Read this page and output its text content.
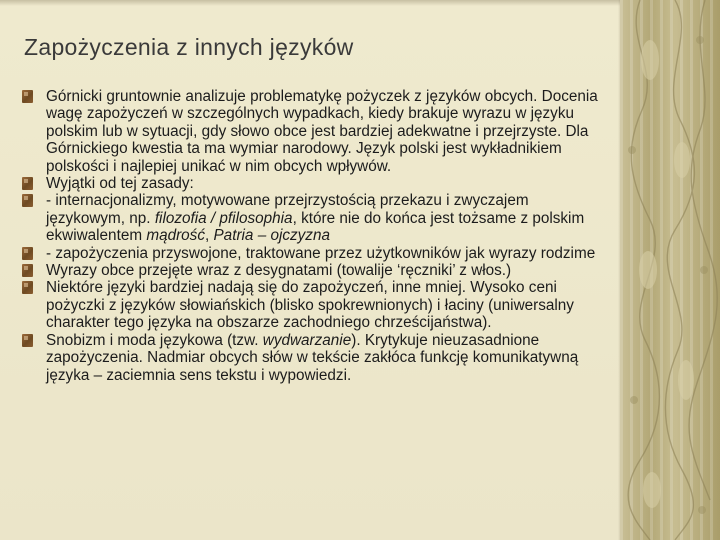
Zapożyczenia z innych języków
Górnicki gruntownie analizuje problematykę pożyczek z języków obcych. Docenia wagę zapożyczeń w szczególnych wypadkach, kiedy brakuje wyrazu w języku polskim lub w sytuacji, gdy słowo obce jest bardziej adekwatne i przejrzyste. Dla Górnickiego kwestia ta ma wymiar narodowy. Język polski jest wykładnikiem polskości i najlepiej unikać w nim obcych wpływów.
Wyjątki od tej zasady:
- internacjonalizmy, motywowane przejrzystością przekazu i zwyczajem językowym, np. filozofia / pfilosophia, które nie do końca jest tożsame z polskim ekwiwalentem mądrość, Patria – ojczyzna
- zapożyczenia przyswojone, traktowane przez użytkowników jak wyrazy rodzime
Wyrazy obce przejęte wraz z desygnatami (towalije ‘ręczniki’ z włos.)
Niektóre języki bardziej nadają się do zapożyczeń, inne mniej. Wysoko ceni pożyczki z języków słowiańskich (blisko spokrewnionych) i łaciny (uniwersalny charakter tego języka na obszarze zachodniego chrześcijaństwa).
Snobizm i moda językowa (tzw. wydwarzanie). Krytykuje nieuzasadnione zapożyczenia. Nadmiar obcych słów w tekście zakłóca funkcję komunikatywną języka – zaciemnia sens tekstu i wypowiedzi.
